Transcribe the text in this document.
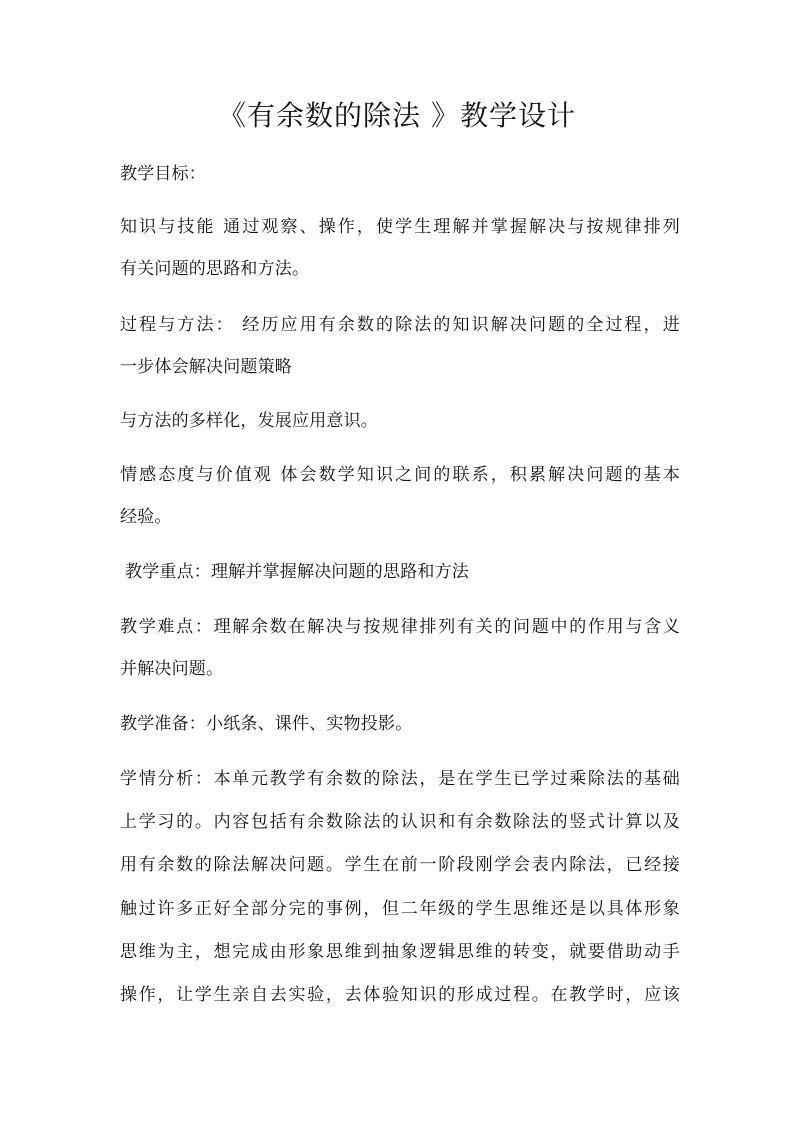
《有余数的除法 》教学设计
教学目标：
知识与技能 通过观察、操作，使学生理解并掌握解决与按规律排列
有关问题的思路和方法。
过程与方法： 经历应用有余数的除法的知识解决问题的全过程，进
一步体会解决问题策略
与方法的多样化，发展应用意识。
情感态度与价值观 体会数学知识之间的联系，积累解决问题的基本
经验。
教学重点：理解并掌握解决问题的思路和方法
教学难点：理解余数在解决与按规律排列有关的问题中的作用与含义
并解决问题。
教学准备：小纸条、课件、实物投影。
学情分析：本单元教学有余数的除法，是在学生已学过乘除法的基础
上学习的。内容包括有余数除法的认识和有余数除法的竖式计算以及
用有余数的除法解决问题。学生在前一阶段刚学会表内除法，已经接
触过许多正好全部分完的事例，但二年级的学生思维还是以具体形象
思维为主，想完成由形象思维到抽象逻辑思维的转变，就要借助动手
操作，让学生亲自去实验，去体验知识的形成过程。在教学时，应该
